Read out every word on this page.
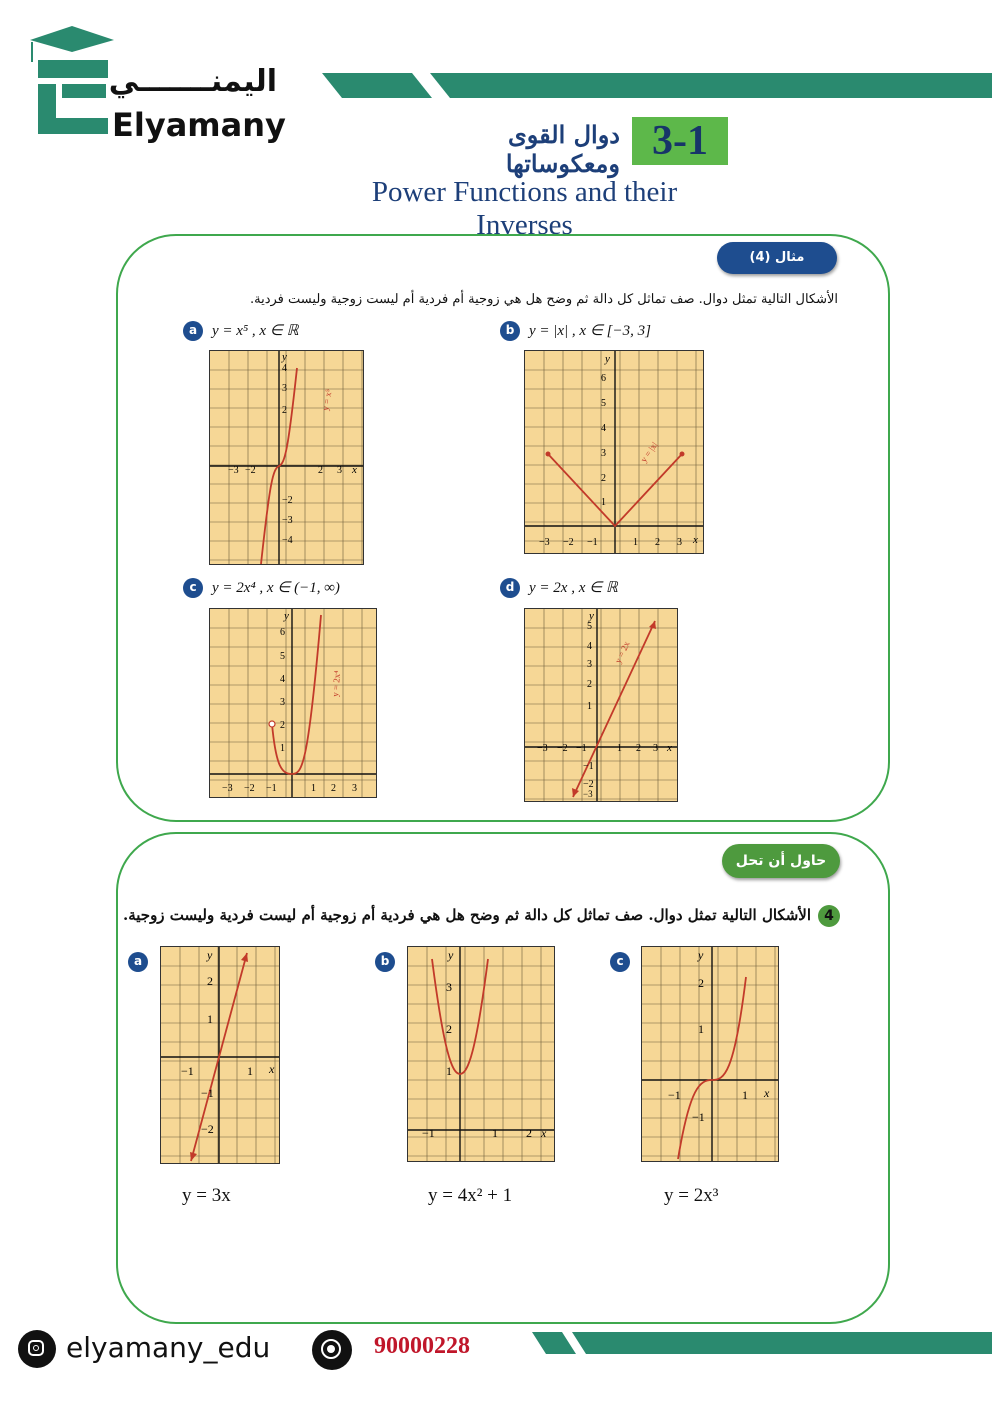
اليمنـــــــي
Elyamany	دوال القوى ومعكوساتها 3-1
Power Functions and their Inverses
مثال (4)
الأشكال التالية تمثل دوال. صف تماثل كل دالة ثم وضح هل هي زوجية أم فردية أم ليست زوجية وليست فردية.
a y = x⁵ , x ∈ ℝ
−3 −2	2 3 x
4
3
2
−2
−3
−4
y
y = x⁵
b y = |x| , x ∈ [−3, 3]
−3 −2 −1	1 2 3 x
6
5
4
3
2
1
y
y = |x|
c	y = 2x⁴ , x ∈ (−1, ∞)
−3 −2 −1	1 2 3
6
5
4
3
2
1
y
y = 2x⁴
d y = 2x , x ∈ ℝ
−3 −2 −1	1 2 3 x
5
4
3
2
1
−1
−2
−3
y
y = 2x
حاول أن تحل
4
الأشكال التالية تمثل دوال. صف تماثل كل دالة ثم وضح هل هي فردية أم زوجية أم ليست فردية وليست زوجية.
a
−1	1 x
2
1
−1
−2
y
y = 3x
b
−1	1 2 x
3
2
1
y
y = 4x² + 1
c
−1	1 x
2
1
−1
y
y = 2x³
elyamany_edu	90000228
